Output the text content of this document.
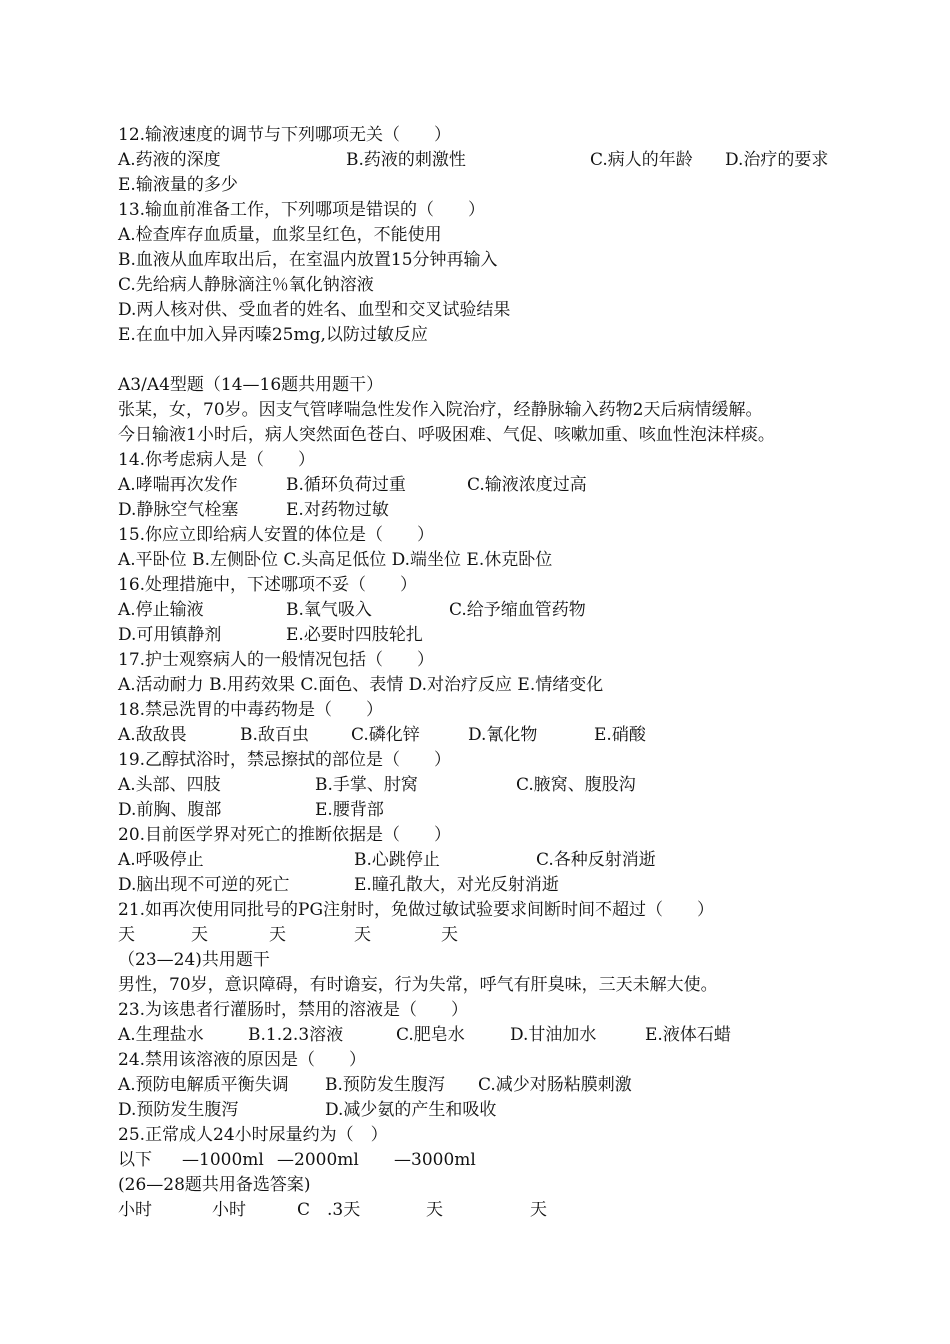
12.输液速度的调节与下列哪项无关（　　）
A.药液的深度	B.药液的刺激性	C.病人的年龄 D.治疗的要求
E.输液量的多少
13.输血前准备工作，下列哪项是错误的（　　）
A.检查库存血质量，血浆呈红色，不能使用
B.血液从血库取出后，在室温内放置15分钟再输入
C.先给病人静脉滴注％氧化钠溶液
D.两人核对供、受血者的姓名、血型和交叉试验结果
E.在血中加入异丙嗪25mg,以防过敏反应
A3/A4型题（14—16题共用题干）
张某，女，70岁。因支气管哮喘急性发作入院治疗，经静脉输入药物2天后病情缓解。
今日输液1小时后，病人突然面色苍白、呼吸困难、气促、咳嗽加重、咳血性泡沫样痰。
14.你考虑病人是（　　）
A.哮喘再次发作	B.循环负荷过重	C.输液浓度过高
D.静脉空气栓塞	E.对药物过敏
15.你应立即给病人安置的体位是（　　）
A.平卧位 B.左侧卧位 C.头高足低位 D.端坐位 E.休克卧位
16.处理措施中，下述哪项不妥（　　）
A.停止输液	B.氧气吸入	C.给予缩血管药物
D.可用镇静剂	E.必要时四肢轮扎
17.护士观察病人的一般情况包括（　　）
A.活动耐力 B.用药效果 C.面色、表情 D.对治疗反应 E.情绪变化
18.禁忌洗胃的中毒药物是（　　）
A.敌敌畏	B.敌百虫 C.磷化锌	D.氰化物	E.硝酸
19.乙醇拭浴时，禁忌擦拭的部位是（　　）
A.头部、四肢	B.手掌、肘窝	C.腋窝、腹股沟
D.前胸、腹部	E.腰背部
20.目前医学界对死亡的推断依据是（　　）
A.呼吸停止	B.心跳停止	C.各种反射消逝
D.脑出现不可逆的死亡	E.瞳孔散大，对光反射消逝
21.如再次使用同批号的PG注射时，免做过敏试验要求间断时间不超过（　　）
天	天	天	天	天
（23—24)共用题干
男性，70岁，意识障碍，有时谵妄，行为失常，呼气有肝臭味，三天未解大使。
23.为该患者行灌肠时，禁用的溶液是（　　）
A.生理盐水	B.1.2.3溶液	C.肥皂水	D.甘油加水	E.液体石蜡
24.禁用该溶液的原因是（　　）
A.预防电解质平衡失调 B.预防发生腹泻 C.减少对肠粘膜刺激
D.预防发生腹泻	D.减少氨的产生和吸收
25.正常成人24小时尿量约为（　）
以下 —1000ml —2000ml —3000ml
(26—28题共用备选答案)
小时	小时	C　.3天	天	天
